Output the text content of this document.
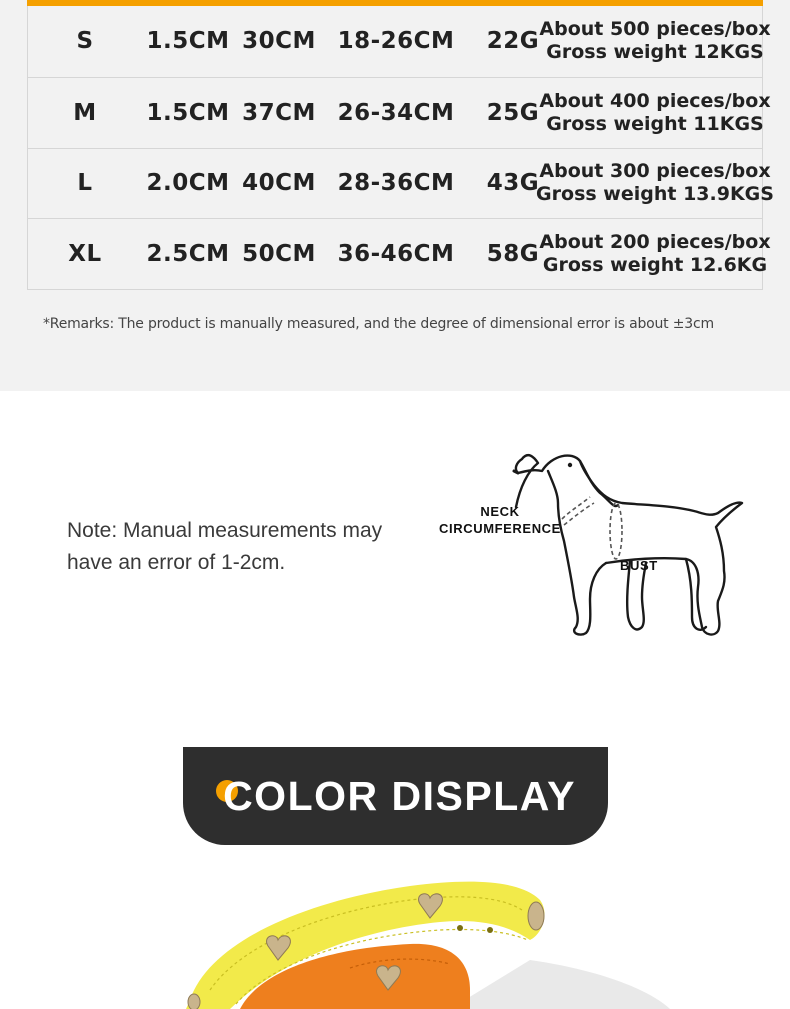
S	1.5CM 30CM 18-26CM	22G About 500 pieces/box
Gross weight 12KGS
M	1.5CM 37CM 26-34CM	25G About 400 pieces/box
Gross weight 11KGS
L	2.0CM 40CM 28-36CM	43G About 300 pieces/box
Gross weight 13.9KGS
XL	2.5CM 50CM 36-46CM	58G About 200 pieces/box
Gross weight 12.6KG

*Remarks: The product is manually measured, and the degree of dimensional error is about ±3cm

Note: Manual measurements may have an error of 1-2cm.

NECK
CIRCUMFERENCE
BUST
COLOR DISPLAY
